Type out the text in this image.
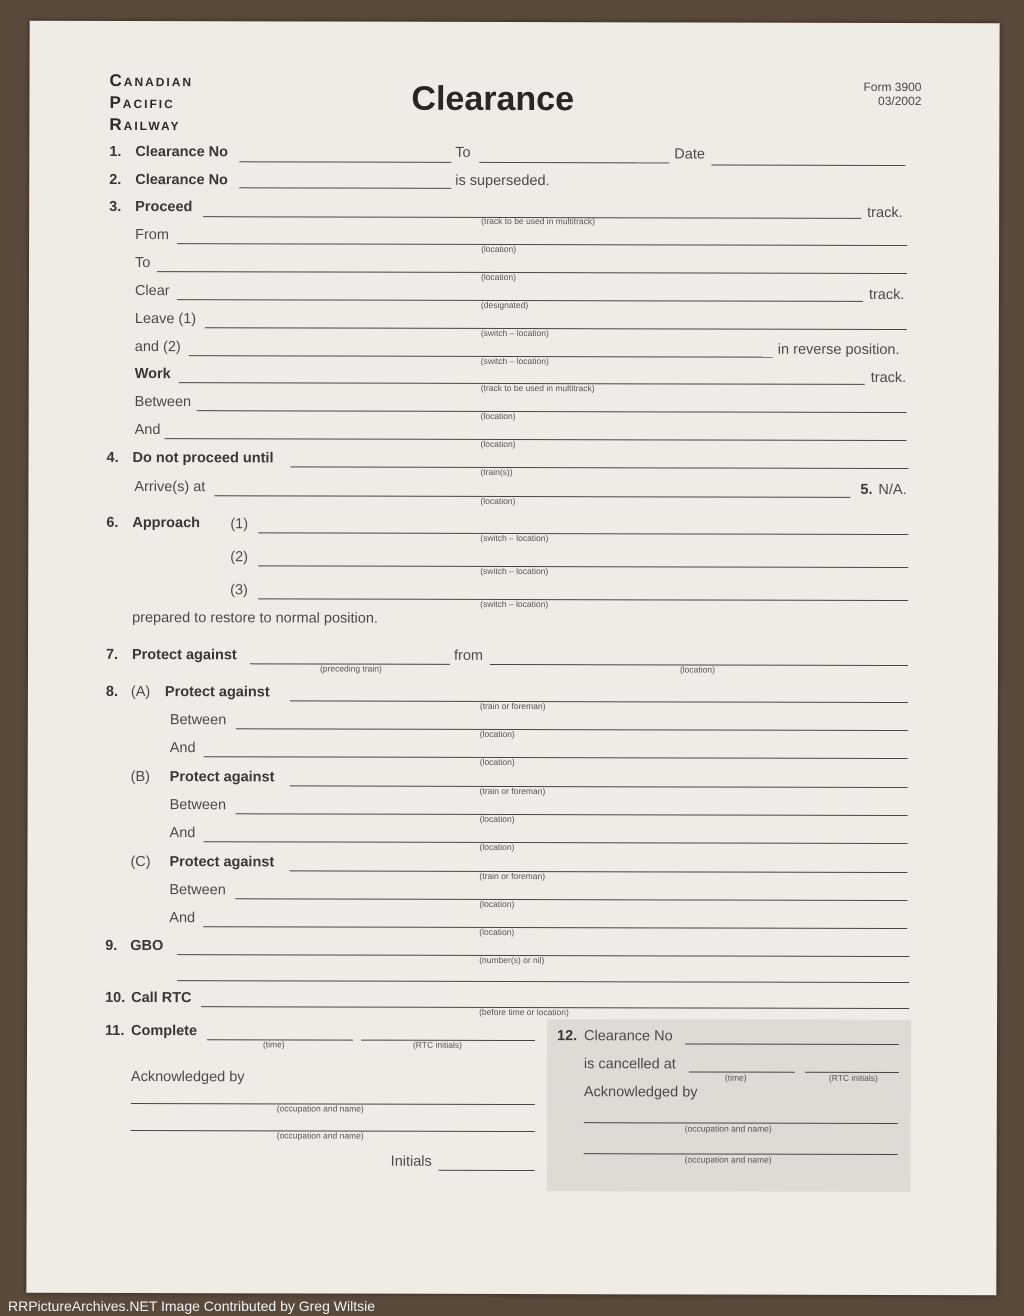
Canadian
Pacific
Railway
Clearance	Form 3900
03/2002
1. Clearance No	To	Date
2. Clearance No	is superseded.
3. Proceed	track.
(track to be used in multitrack)
From
(location)
To
(location)
Clear	track.
(designated)
Leave (1)
(switch – location)
and (2)	in reverse position.
(switch – location)
Work	track.
(track to be used in multitrack)
Between
(location)
And
(location)
4. Do not proceed until
(train(s))
Arrive(s) at
(location)
5. N/A.
6. Approach (1)
(switch – location)
(2)
(switch – location)
(3)
(switch – location)
prepared to restore to normal position.
7. Protect against
(preceding train)
from
(location)
8. (A) Protect against
(train or foreman)
Between
(location)
And
(location)
(B) Protect against
(train or foreman)
Between
(location)
And
(location)
(C) Protect against
(train or foreman)
Between
(location)
And
(location)
9. GBO
(number(s) or nil)
10. Call RTC
(before time or location)
11. Complete
(time)	(RTC initials)
Acknowledged by
(occupation and name)
(occupation and name)
Initials
12. Clearance No
is cancelled at
(time)	(RTC initials)
Acknowledged by
(occupation and name)
(occupation and name)
RRPictureArchives.NET Image Contributed by Greg Wiltsie
